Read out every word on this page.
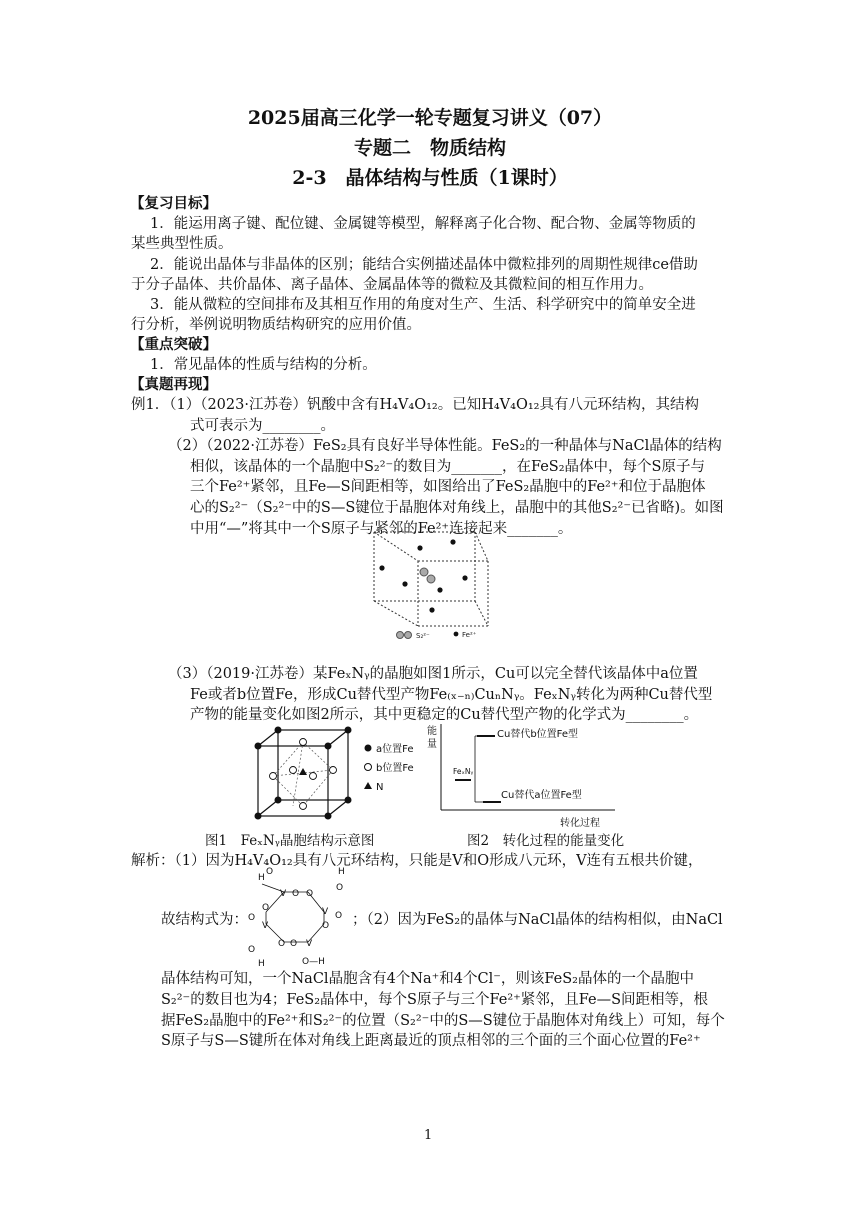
2025届高三化学一轮专题复习讲义（07）
专题二　物质结构
2-3　晶体结构与性质（1课时）
【复习目标】
1．能运用离子键、配位键、金属键等模型，解释离子化合物、配合物、金属等物质的
某些典型性质。
2．能说出晶体与非晶体的区别；能结合实例描述晶体中微粒排列的周期性规律ce借助
于分子晶体、共价晶体、离子晶体、金属晶体等的微粒及其微粒间的相互作用力。
3．能从微粒的空间排布及其相互作用的角度对生产、生活、科学研究中的简单安全进
行分析，举例说明物质结构研究的应用价值。
【重点突破】
1．常见晶体的性质与结构的分析。
【真题再现】
例1．（1）（2023·江苏卷）钒酸中含有H₄V₄O₁₂。已知H₄V₄O₁₂具有八元环结构，其结构
式可表示为________。
（2）（2022·江苏卷）FeS₂具有良好半导体性能。FeS₂的一种晶体与NaCl晶体的结构
相似，该晶体的一个晶胞中S₂²⁻的数目为_______，在FeS₂晶体中，每个S原子与
三个Fe²⁺紧邻，且Fe—S间距相等，如图给出了FeS₂晶胞中的Fe²⁺和位于晶胞体
心的S₂²⁻（S₂²⁻中的S—S键位于晶胞体对角线上，晶胞中的其他S₂²⁻已省略)。如图
中用“—”将其中一个S原子与紧邻的Fe²⁺连接起来_______。
S₂²⁻	Fe²⁺
（3）（2019·江苏卷）某FeₓNᵧ的晶胞如图1所示，Cu可以完全替代该晶体中a位置
Fe或者b位置Fe，形成Cu替代型产物Fe₍ₓ₋ₙ₎CuₙNᵧ。FeₓNᵧ转化为两种Cu替代型
产物的能量变化如图2所示，其中更稳定的Cu替代型产物的化学式为________。
a位置Fe
b位置Fe
N
能
量
FeₓNᵧ
Cu替代b位置Fe型
Cu替代a位置Fe型
转化过程
图1　FeₓNᵧ晶胞结构示意图	图2　转化过程的能量变化
解析：（1）因为H₄V₄O₁₂具有八元环结构，只能是V和O形成八元环，V连有五根共价键，
H
O
V O O
H
O
V O
O
V
O—H
O
O
V
O
O
O
H
故结构式为：	；（2）因为FeS₂的晶体与NaCl晶体的结构相似，由NaCl
晶体结构可知，一个NaCl晶胞含有4个Na⁺和4个Cl⁻，则该FeS₂晶体的一个晶胞中
S₂²⁻的数目也为4；FeS₂晶体中，每个S原子与三个Fe²⁺紧邻，且Fe—S间距相等，根
据FeS₂晶胞中的Fe²⁺和S₂²⁻的位置（S₂²⁻中的S—S键位于晶胞体对角线上）可知，每个
S原子与S—S键所在体对角线上距离最近的顶点相邻的三个面的三个面心位置的Fe²⁺
1
